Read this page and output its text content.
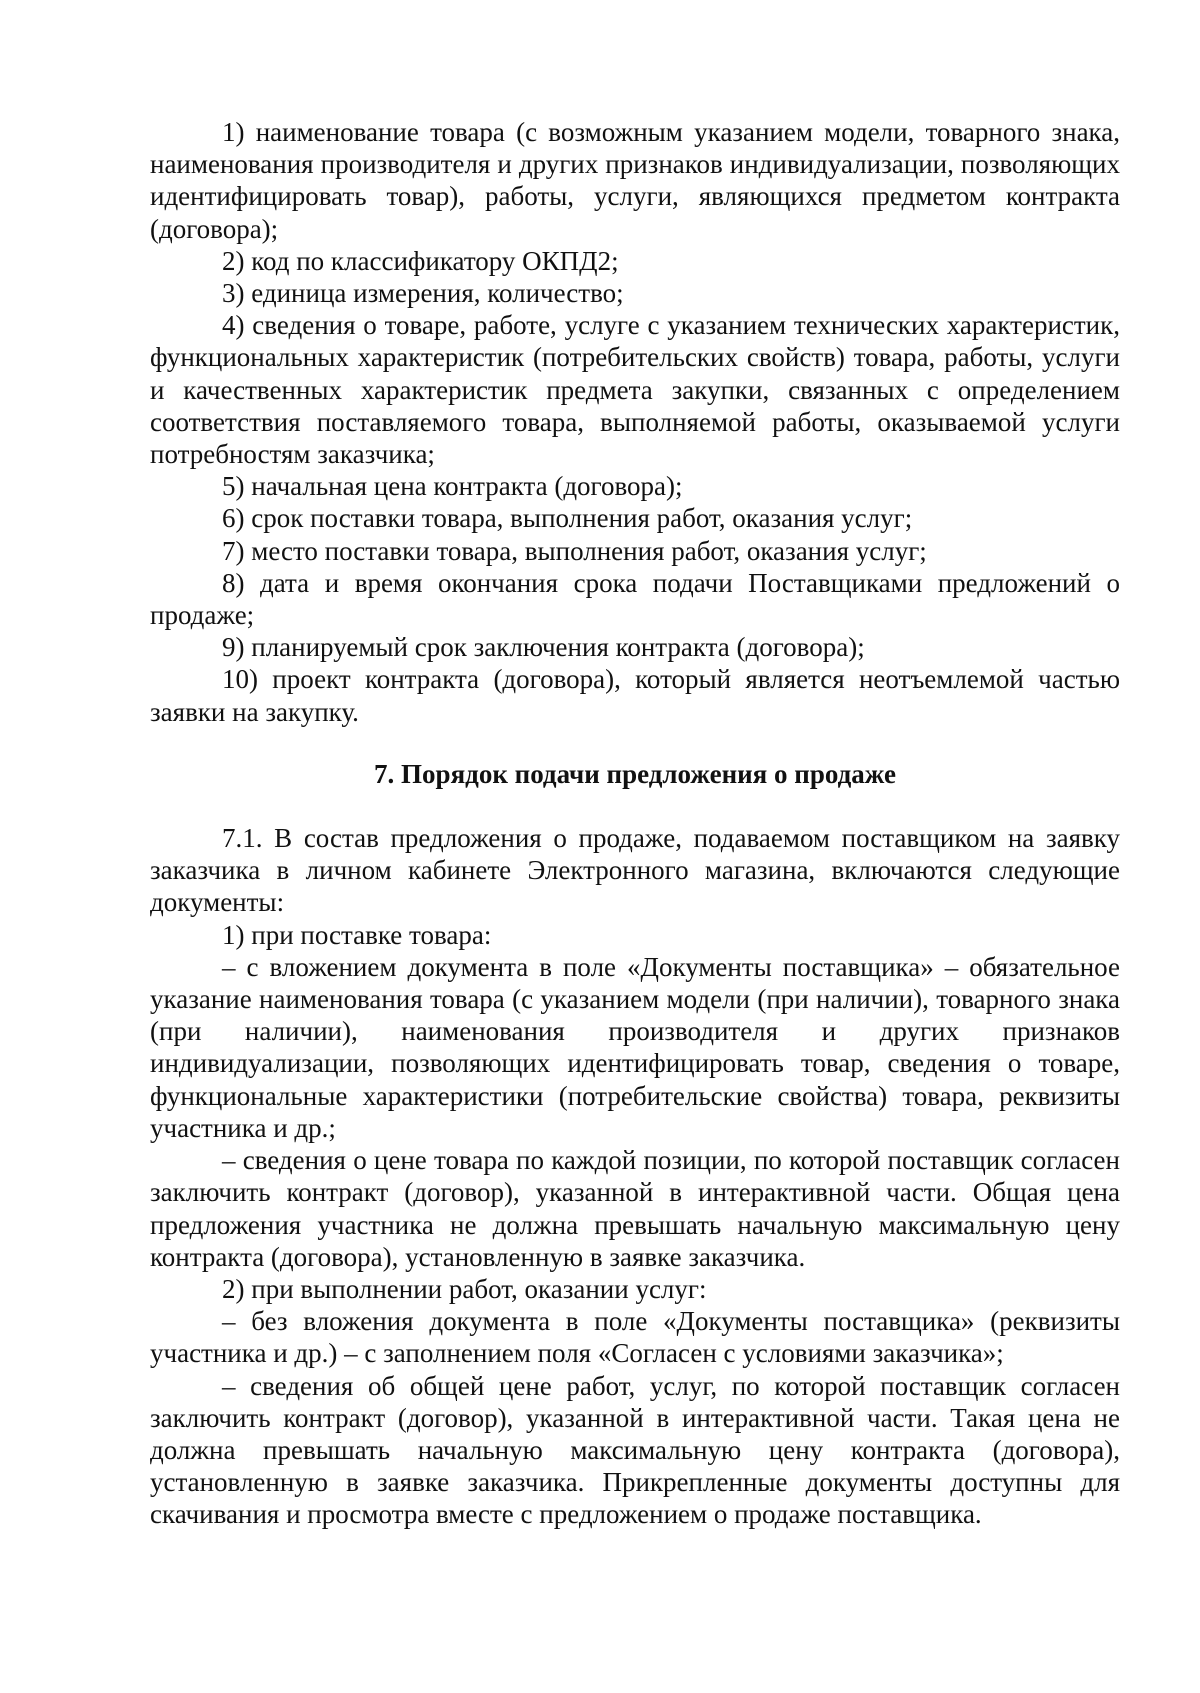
1) наименование товара (с возможным указанием модели, товарного знака, наименования производителя и других признаков индивидуализации, позволяющих идентифицировать товар), работы, услуги, являющихся предметом контракта (договора);

2) код по классификатору ОКПД2;

3) единица измерения, количество;

4) сведения о товаре, работе, услуге с указанием технических характеристик, функциональных характеристик (потребительских свойств) товара, работы, услуги и качественных характеристик предмета закупки, связанных с определением соответствия поставляемого товара, выполняемой работы, оказываемой услуги потребностям заказчика;

5) начальная цена контракта (договора);

6) срок поставки товара, выполнения работ, оказания услуг;

7) место поставки товара, выполнения работ, оказания услуг;

8) дата и время окончания срока подачи Поставщиками предложений о продаже;

9) планируемый срок заключения контракта (договора);

10) проект контракта (договора), который является неотъемлемой частью заявки на закупку.

7. Порядок подачи предложения о продаже

7.1. В состав предложения о продаже, подаваемом поставщиком на заявку заказчика в личном кабинете Электронного магазина, включаются следующие документы:

1) при поставке товара:

– с вложением документа в поле «Документы поставщика» – обязательное указание наименования товара (с указанием модели (при наличии), товарного знака (при наличии), наименования производителя и других признаков индивидуализации, позволяющих идентифицировать товар, сведения о товаре, функциональные характеристики (потребительские свойства) товара, реквизиты участника и др.;

– сведения о цене товара по каждой позиции, по которой поставщик согласен заключить контракт (договор), указанной в интерактивной части. Общая цена предложения участника не должна превышать начальную максимальную цену контракта (договора), установленную в заявке заказчика.

2) при выполнении работ, оказании услуг:

– без вложения документа в поле «Документы поставщика» (реквизиты участника и др.) – с заполнением поля «Согласен с условиями заказчика»;

– сведения об общей цене работ, услуг, по которой поставщик согласен заключить контракт (договор), указанной в интерактивной части. Такая цена не должна превышать начальную максимальную цену контракта (договора), установленную в заявке заказчика. Прикрепленные документы доступны для скачивания и просмотра вместе с предложением о продаже поставщика.
